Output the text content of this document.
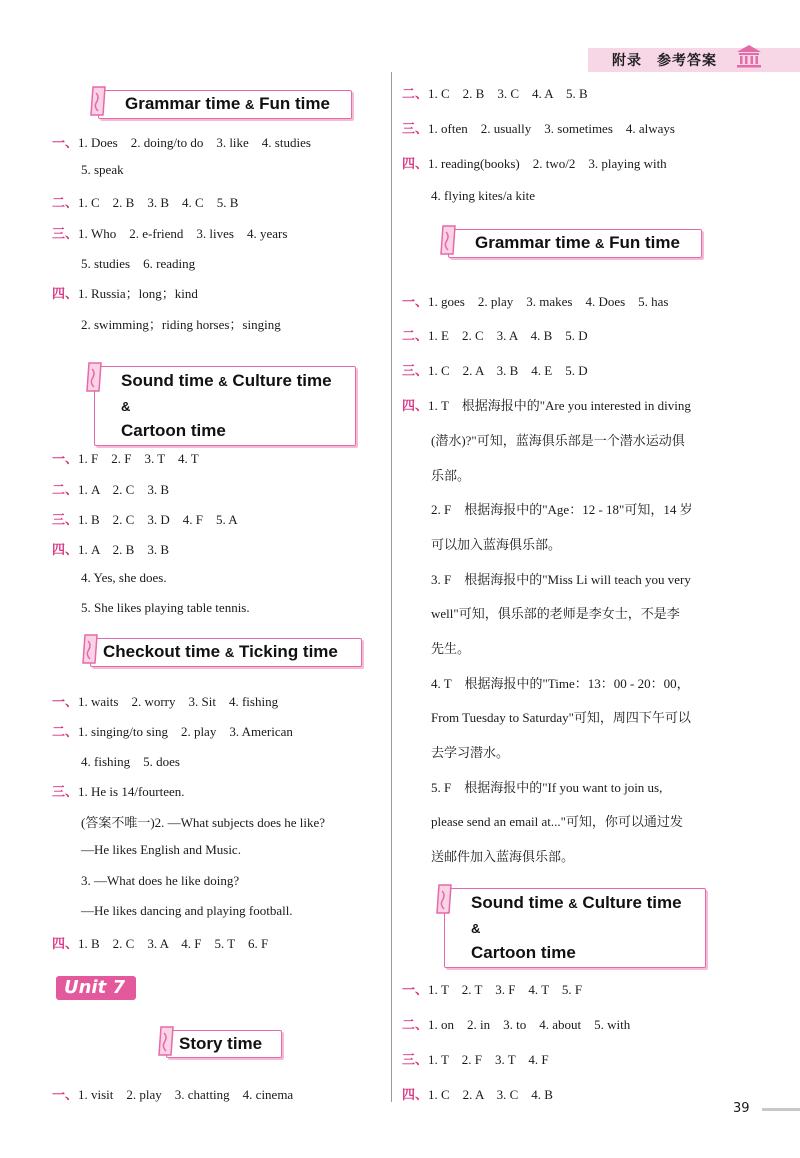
附录　参考答案
Grammar time & Fun time
一、1. Does　2. doing/to do　3. like　4. studies
5. speak
二、1. C　2. B　3. B　4. C　5. B
三、1. Who　2. e-friend　3. lives　4. years
5. studies　6. reading
四、1. Russia；long；kind
2. swimming；riding horses；singing
Sound time & Culture time &
Cartoon time
一、1. F　2. F　3. T　4. T
二、1. A　2. C　3. B
三、1. B　2. C　3. D　4. F　5. A
四、1. A　2. B　3. B
4. Yes, she does.
5. She likes playing table tennis.
Checkout time & Ticking time
一、1. waits　2. worry　3. Sit　4. fishing
二、1. singing/to sing　2. play　3. American
4. fishing　5. does
三、1. He is 14/fourteen.
(答案不唯一)2. —What subjects does he like?
—He likes English and Music.
3. —What does he like doing?
—He likes dancing and playing football.
四、1. B　2. C　3. A　4. F　5. T　6. F
Unit 7
Story time
一、1. visit　2. play　3. chatting　4. cinema
二、1. C　2. B　3. C　4. A　5. B
三、1. often　2. usually　3. sometimes　4. always
四、1. reading(books)　2. two/2　3. playing with
4. flying kites/a kite
Grammar time & Fun time
一、1. goes　2. play　3. makes　4. Does　5. has
二、1. E　2. C　3. A　4. B　5. D
三、1. C　2. A　3. B　4. E　5. D
四、1. T　根据海报中的"Are you interested in diving
(潜水)?"可知，蓝海俱乐部是一个潜水运动俱
乐部。
2. F　根据海报中的"Age：12 - 18"可知，14 岁
可以加入蓝海俱乐部。
3. F　根据海报中的"Miss Li will teach you very
well"可知，俱乐部的老师是李女士，不是李
先生。
4. T　根据海报中的"Time：13：00 - 20：00，
From Tuesday to Saturday"可知，周四下午可以
去学习潜水。
5. F　根据海报中的"If you want to join us,
please send an email at..."可知，你可以通过发
送邮件加入蓝海俱乐部。
Sound time & Culture time &
Cartoon time
一、1. T　2. T　3. F　4. T　5. F
二、1. on　2. in　3. to　4. about　5. with
三、1. T　2. F　3. T　4. F
四、1. C　2. A　3. C　4. B
39
